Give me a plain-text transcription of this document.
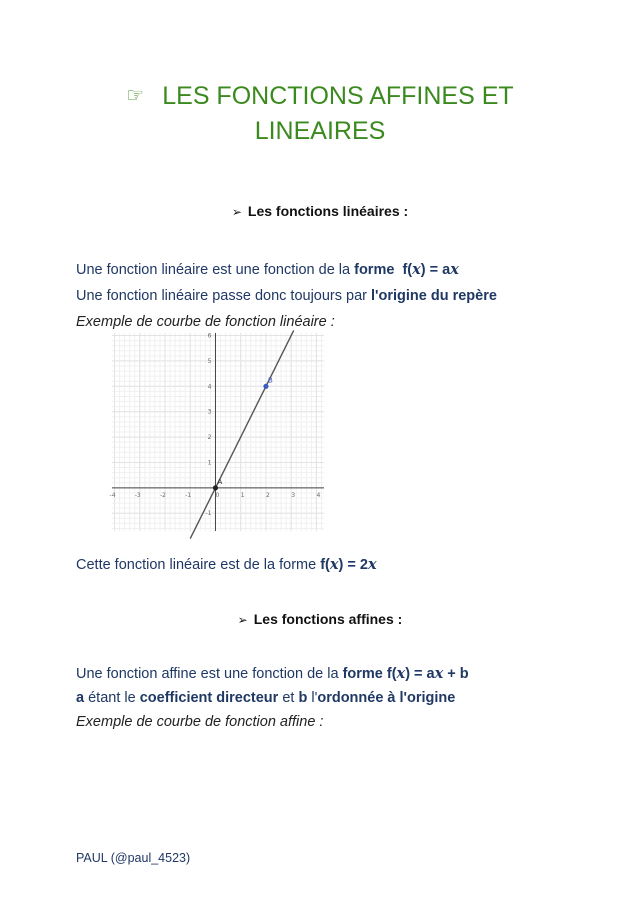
☞ LES FONCTIONS AFFINES ET
LINEAIRES
➢ Les fonctions linéaires :
Une fonction linéaire est une fonction de la forme f(x) = ax
Une fonction linéaire passe donc toujours par l'origine du repère
Exemple de courbe de fonction linéaire :
-4	-3	-2	-1	0	1	2	3	4
-1
1
2
3
4
5
6
A
B
Cette fonction linéaire est de la forme f(x) = 2x
➢ Les fonctions affines :
Une fonction affine est une fonction de la forme f(x) = ax + b
a étant le coefficient directeur et b l'ordonnée à l'origine
Exemple de courbe de fonction affine :
PAUL (@paul_4523)
